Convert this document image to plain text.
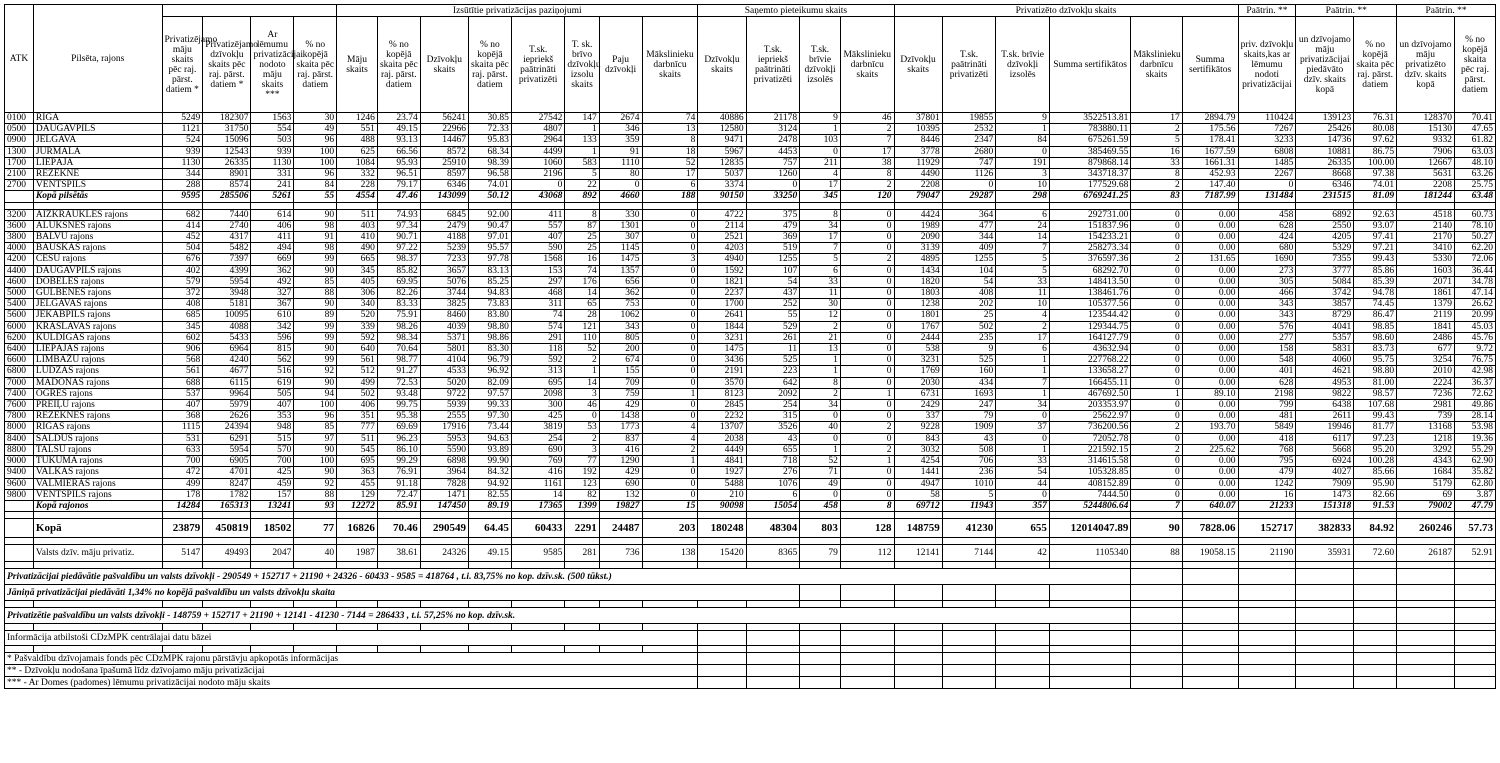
ATK	Pilsēta, rajons					Izsūtītie privatizācijas paziņojumi								Saņemto pieteikumu skaits				Privatizēto dzīvokļu skaits						Paātrin. **	Paātrin. **		Paātrin. **	
		Privatizējamo māju skaits pēc raj. pārst. datiem *	Privatizējamo dzīvokļu skaits pēc raj. pārst. datiem *	Ar lēmumu privatizācijai nodoto māju skaits ***	% no kopējā skaita pēc raj. pārst. datiem	Māju skaits	% no kopējā skaita pēc raj. pārst. datiem	Dzīvokļu skaits	% no kopējā skaita pēc raj. pārst. datiem	T.sk. iepriekš paātrināti privatizēti	T. sk. brīvo dzīvokļu izsolu skaits	Paju dzīvokļi	Mākslinieku darbnīcu skaits	Dzīvokļu skaits	T.sk. iepriekš paātrināti privatizēti	T.sk. brīvie dzīvokļi izsolēs	Mākslinieku darbnīcu skaits	Dzīvokļu skaits	T.sk. paātrināti privatizēti	T.sk. brīvie dzīvokļi izsolēs	Summa sertifikātos	Mākslinieku darbnīcu skaits	Summa sertifikātos	priv. dzīvokļu skaits,kas ar lēmumu nodoti privatizācijai	un dzīvojamo māju privatizācijai piedāvāto dzīv. skaits kopā	% no kopējā skaita pēc raj. pārst. datiem	un dzīvojamo māju privatizēto dzīv. skaits kopā	% no kopējā skaita pēc raj. pārst. datiem
0100	RĪGA	5249	182307	1563	30	1246	23.74	56241	30.85	27542	147	2674	74	40886	21178	9	46	37801	19855	9	3522513.81	17	2894.79	110424	139123	76.31	128370	70.41
0500	DAUGAVPILS	1121	31750	554	49	551	49.15	22966	72.33	4807	1	346	13	12580	3124	1	2	10395	2532	1	783880.11	2	175.56	7267	25426	80.08	15130	47.65
0900	JELGAVA	524	15096	503	96	488	93.13	14467	95.83	2964	133	359	8	9471	2478	103	7	8446	2347	84	675261.59	5	178.41	3233	14736	97.62	9332	61.82
1300	JŪRMALA	939	12543	939	100	625	66.56	8572	68.34	4499	1	91	18	5967	4453	0	17	3778	2680	0	385469.55	16	1677.59	6808	10881	86.75	7906	63.03
1700	LIEPĀJA	1130	26335	1130	100	1084	95.93	25910	98.39	1060	583	1110	52	12835	757	211	38	11929	747	191	879868.14	33	1661.31	1485	26335	100.00	12667	48.10
2100	RĒZEKNE	344	8901	331	96	332	96.51	8597	96.58	2196	5	80	17	5037	1260	4	8	4490	1126	3	343718.37	8	452.93	2267	8668	97.38	5631	63.26
2700	VENTSPILS	288	8574	241	84	228	79.17	6346	74.01	0	22	0	6	3374	0	17	2	2208	0	10	177529.68	2	147.40	0	6346	74.01	2208	25.75
	Kopā pilsētās	9595	285506	5261	55	4554	47.46	143099	50.12	43068	892	4660	188	90150	33250	345	120	79047	29287	298	6769241.25	83	7187.99	131484	231515	81.09	181244	63.48

3200	AIZKRAUKLES rajons	682	7440	614	90	511	74.93	6845	92.00	411	8	330	0	4722	375	8	0	4424	364	6	292731.00	0	0.00	458	6892	92.63	4518	60.73
3600	ALŪKSNES rajons	414	2740	406	98	403	97.34	2479	90.47	557	87	1301	0	2114	479	34	0	1989	477	24	151837.96	0	0.00	628	2550	93.07	2140	78.10
3800	BALVU rajons	452	4317	411	91	410	90.71	4188	97.01	407	25	307	0	2521	369	17	0	2090	344	14	154233.21	0	0.00	424	4205	97.41	2170	50.27
4000	BAUSKAS rajons	504	5482	494	98	490	97.22	5239	95.57	590	25	1145	0	4203	519	7	0	3139	409	7	258273.34	0	0.00	680	5329	97.21	3410	62.20
4200	CĒSU rajons	676	7397	669	99	665	98.37	7233	97.78	1568	16	1475	3	4940	1255	5	2	4895	1255	5	376597.36	2	131.65	1690	7355	99.43	5330	72.06
4400	DAUGAVPILS rajons	402	4399	362	90	345	85.82	3657	83.13	153	74	1357	0	1592	107	6	0	1434	104	5	68292.70	0	0.00	273	3777	85.86	1603	36.44
4600	DOBELES rajons	579	5954	492	85	405	69.95	5076	85.25	297	176	656	0	1821	54	33	0	1820	54	33	148413.50	0	0.00	305	5084	85.39	2071	34.78
5000	GULBENES rajons	372	3948	327	88	306	82.26	3744	94.83	468	14	362	0	2237	437	11	0	1803	408	11	138461.76	0	0.00	466	3742	94.78	1861	47.14
5400	JELGAVAS rajons	408	5181	367	90	340	83.33	3825	73.83	311	65	753	0	1700	252	30	0	1238	202	10	105377.56	0	0.00	343	3857	74.45	1379	26.62
5600	JĒKABPILS rajons	685	10095	610	89	520	75.91	8460	83.80	74	28	1062	0	2641	55	12	0	1801	25	4	123544.42	0	0.00	343	8729	86.47	2119	20.99
6000	KRĀSLAVAS rajons	345	4088	342	99	339	98.26	4039	98.80	574	121	343	0	1844	529	2	0	1767	502	2	129344.75	0	0.00	576	4041	98.85	1841	45.03
6200	KULDĪGAS rajons	602	5433	596	99	592	98.34	5371	98.86	291	110	805	0	3231	261	21	0	2444	235	17	164127.79	0	0.00	277	5357	98.60	2486	45.76
6400	LIEPĀJAS rajons	906	6964	815	90	640	70.64	5801	83.30	118	52	200	0	1475	11	13	0	538	9	6	43632.94	0	0.00	158	5831	83.73	677	9.72
6600	LIMBAŽU rajons	568	4240	562	99	561	98.77	4104	96.79	592	2	674	0	3436	525	1	0	3231	525	1	227768.22	0	0.00	548	4060	95.75	3254	76.75
6800	LUDZAS rajons	561	4677	516	92	512	91.27	4533	96.92	313	1	155	0	2191	223	1	0	1769	160	1	133658.27	0	0.00	401	4621	98.80	2010	42.98
7000	MADONAS rajons	688	6115	619	90	499	72.53	5020	82.09	695	14	709	0	3570	642	8	0	2030	434	7	166455.11	0	0.00	628	4953	81.00	2224	36.37
7400	OGRES rajons	537	9964	505	94	502	93.48	9722	97.57	2098	3	759	1	8123	2092	2	1	6731	1693	1	467692.50	1	89.10	2198	9822	98.57	7236	72.62
7600	PREIĻU rajons	407	5979	407	100	406	99.75	5939	99.33	300	46	429	0	2845	254	34	0	2429	247	34	203353.97	0	0.00	799	6438	107.68	2981	49.86
7800	RĒZEKNES rajons	368	2626	353	96	351	95.38	2555	97.30	425	0	1438	0	2232	315	0	0	337	79	0	25622.97	0	0.00	481	2611	99.43	739	28.14
8000	RĪGAS rajons	1115	24394	948	85	777	69.69	17916	73.44	3819	53	1773	4	13707	3526	40	2	9228	1909	37	736200.56	2	193.70	5849	19946	81.77	13168	53.98
8400	SALDUS rajons	531	6291	515	97	511	96.23	5953	94.63	254	2	837	4	2038	43	0	0	843	43	0	72052.78	0	0.00	418	6117	97.23	1218	19.36
8800	TALSU rajons	633	5954	570	90	545	86.10	5590	93.89	690	3	416	2	4449	655	1	2	3032	508	1	221592.15	2	225.62	768	5668	95.20	3292	55.29
9000	TUKUMA rajons	700	6905	700	100	695	99.29	6898	99.90	769	77	1290	1	4841	718	52	1	4254	706	33	314615.58	0	0.00	795	6924	100.28	4343	62.90
9400	VALKAS rajons	472	4701	425	90	363	76.91	3964	84.32	416	192	429	0	1927	276	71	0	1441	236	54	105328.85	0	0.00	479	4027	85.66	1684	35.82
9600	VALMIERAS rajons	499	8247	459	92	455	91.18	7828	94.92	1161	123	690	0	5488	1076	49	0	4947	1010	44	408152.89	0	0.00	1242	7909	95.90	5179	62.80
9800	VENTSPILS rajons	178	1782	157	88	129	72.47	1471	82.55	14	82	132	0	210	6	0	0	58	5	0	7444.50	0	0.00	16	1473	82.66	69	3.87
	Kopā rajonos	14284	165313	13241	93	12272	85.91	147450	89.19	17365	1399	19827	15	90098	15054	458	8	69712	11943	357	5244806.64	7	640.07	21233	151318	91.53	79002	47.79

	Kopā	23879	450819	18502	77	16826	70.46	290549	64.45	60433	2291	24487	203	180248	48304	803	128	148759	41230	655	12014047.89	90	7828.06	152717	382833	84.92	260246	57.73

	Valsts dzīv. māju privatiz.	5147	49493	2047	40	1987	38.61	24326	49.15	9585	281	736	138	15420	8365	79	112	12141	7144	42	1105340	88	19058.15	21190	35931	72.60	26187	52.91

Privatizācijai piedāvātie pašvaldību un valsts dzīvokļi - 290549 + 152717 + 21190 + 24326 - 60433 - 9585 = 418764 , t.i. 83,75% no kop. dzīv.sk. (500 tūkst.)																												
Jāniņā privatizācijai piedāvāti 1,34% no kopējā pašvaldību un valsts dzīvokļu skaita																												

Privatizētie pašvaldību un valsts dzīvokļi - 148759 + 152717 + 21190 + 12141 - 41230 - 7144 = 286433 , t.i. 57,25% no kop. dzīv.sk.																												

Informācija atbilstoši CDzMPK centrālajai datu bāzei																												

* Pašvaldību dzīvojamais fonds pēc CDzMPK rajonu pārstāvju apkopotās informācijas																												
** - Dzīvokļu nodošana īpašumā līdz dzīvojamo māju privatizācijai																												
*** - Ar Domes (padomes) lēmumu privatizācijai nodoto māju skaits																												
